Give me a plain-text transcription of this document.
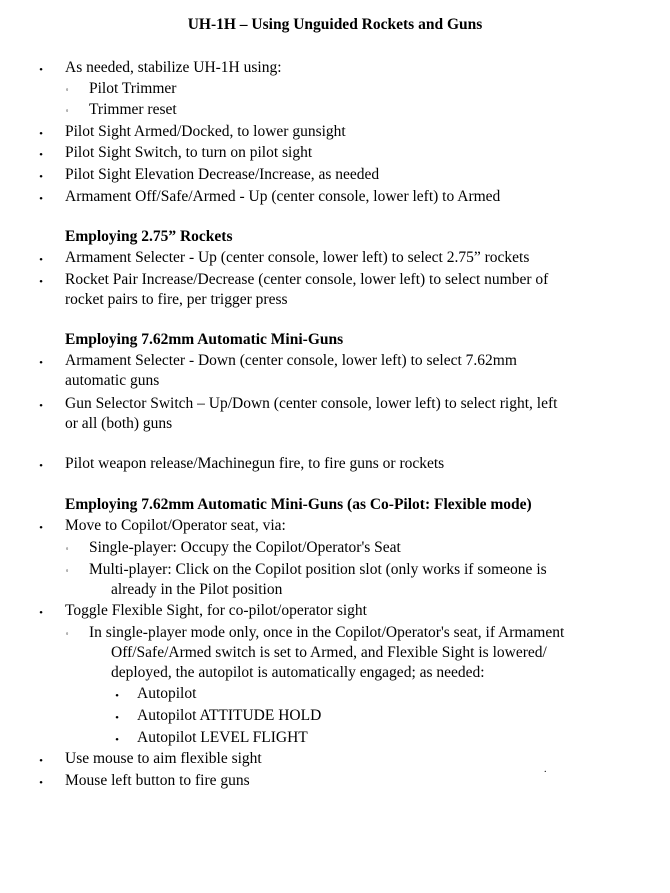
UH-1H – Using Unguided Rockets and Guns
• As needed, stabilize UH-1H using:
◦ Pilot Trimmer
◦ Trimmer reset
• Pilot Sight Armed/Docked, to lower gunsight
• Pilot Sight Switch, to turn on pilot sight
• Pilot Sight Elevation Decrease/Increase, as needed
• Armament Off/Safe/Armed - Up (center console, lower left) to Armed
Employing 2.75” Rockets
• Armament Selecter - Up (center console, lower left) to select 2.75” rockets
• Rocket Pair Increase/Decrease (center console, lower left) to select number of
rocket pairs to fire, per trigger press
Employing 7.62mm Automatic Mini-Guns
• Armament Selecter - Down (center console, lower left) to select 7.62mm
automatic guns
• Gun Selector Switch – Up/Down (center console, lower left) to select right, left
or all (both) guns
• Pilot weapon release/Machinegun fire, to fire guns or rockets
Employing 7.62mm Automatic Mini-Guns (as Co-Pilot: Flexible mode)
• Move to Copilot/Operator seat, via:
◦ Single-player: Occupy the Copilot/Operator's Seat
◦ Multi-player: Click on the Copilot position slot (only works if someone is
already in the Pilot position
• Toggle Flexible Sight, for co-pilot/operator sight
◦ In single-player mode only, once in the Copilot/Operator's seat, if Armament
Off/Safe/Armed switch is set to Armed, and Flexible Sight is lowered/
deployed, the autopilot is automatically engaged; as needed:
• Autopilot
• Autopilot ATTITUDE HOLD
• Autopilot LEVEL FLIGHT
• Use mouse to aim flexible sight
• Mouse left button to fire guns
.
